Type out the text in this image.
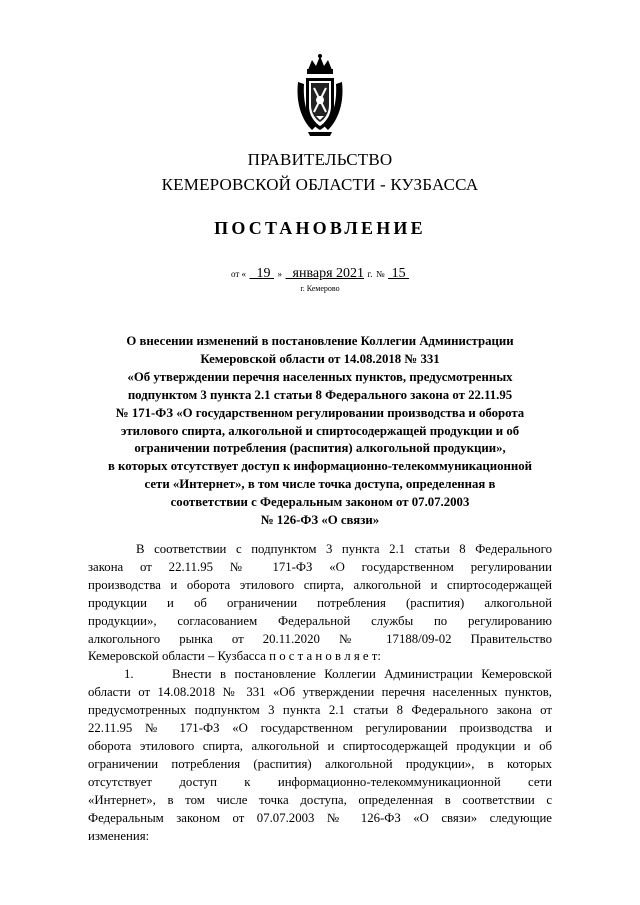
ПРАВИТЕЛЬСТВО
КЕМЕРОВСКОЙ ОБЛАСТИ - КУЗБАССА
ПОСТАНОВЛЕНИЕ
от « 19 » января 2021 г. № 15
г. Кемерово
О внесении изменений в постановление Коллегии Администрации
Кемеровской области от 14.08.2018 № 331
«Об утверждении перечня населенных пунктов, предусмотренных
подпунктом 3 пункта 2.1 статьи 8 Федерального закона от 22.11.95
№ 171-ФЗ «О государственном регулировании производства и оборота
этилового спирта, алкогольной и спиртосодержащей продукции и об
ограничении потребления (распития) алкогольной продукции»,
в которых отсутствует доступ к информационно-телекоммуникационной
сети «Интернет», в том числе точка доступа, определенная в
соответствии с Федеральным законом от 07.07.2003
№ 126-ФЗ «О связи»
В соответствии с подпунктом 3 пункта 2.1 статьи 8 Федерального
закона от 22.11.95 № 171-ФЗ «О государственном регулировании
производства и оборота этилового спирта, алкогольной и спиртосодержащей
продукции и об ограничении потребления (распития) алкогольной
продукции», согласованием Федеральной службы по регулированию
алкогольного рынка от 20.11.2020 № 17188/09-02 Правительство
Кемеровской области – Кузбасса п о с т а н о в л я е т:
1.	Внести в постановление Коллегии Администрации Кемеровской
области от 14.08.2018 № 331 «Об утверждении перечня населенных пунктов,
предусмотренных подпунктом 3 пункта 2.1 статьи 8 Федерального закона от
22.11.95 № 171-ФЗ «О государственном регулировании производства и
оборота этилового спирта, алкогольной и спиртосодержащей продукции и об
ограничении потребления (распития) алкогольной продукции», в которых
отсутствует доступ к информационно-телекоммуникационной сети
«Интернет», в том числе точка доступа, определенная в соответствии с
Федеральным законом от 07.07.2003 № 126-ФЗ «О связи» следующие
изменения:
